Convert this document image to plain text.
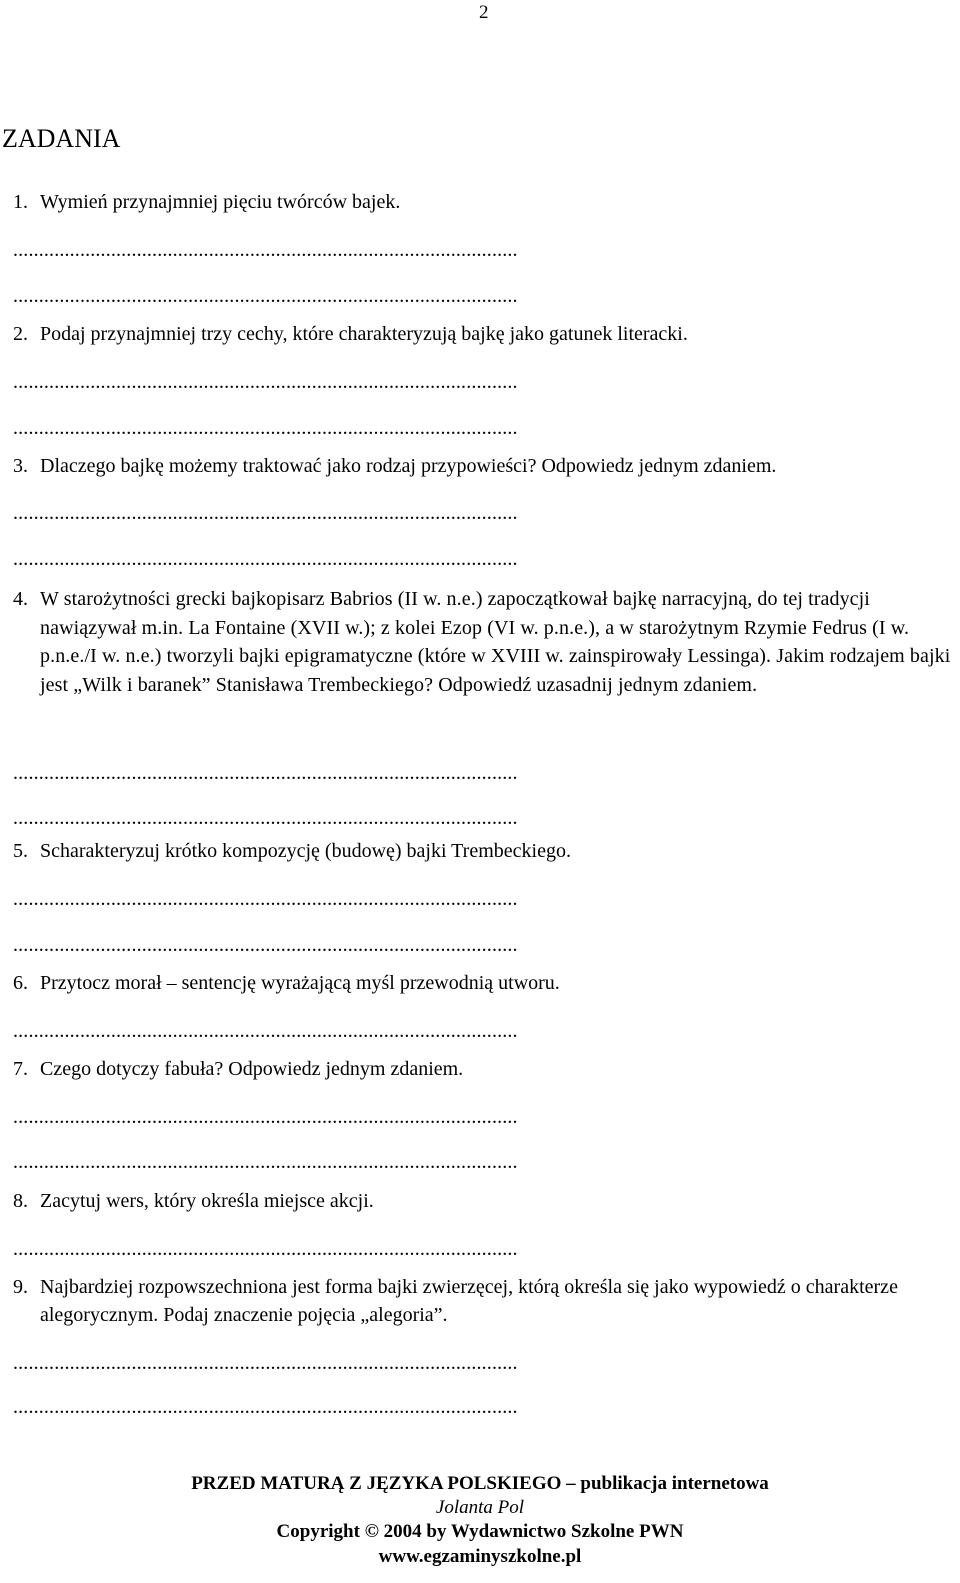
2
ZADANIA
1. Wymień przynajmniej pięciu twórców bajek.
..................................................................................................
..................................................................................................
2. Podaj przynajmniej trzy cechy, które charakteryzują bajkę jako gatunek literacki.
..................................................................................................
..................................................................................................
3. Dlaczego bajkę możemy traktować jako rodzaj przypowieści? Odpowiedz jednym zdaniem.
..................................................................................................
..................................................................................................
4. W starożytności grecki bajkopisarz Babrios (II w. n.e.) zapoczątkował bajkę narracyjną, do tej tradycji nawiązywał m.in. La Fontaine (XVII w.); z kolei Ezop (VI w. p.n.e.), a w starożytnym Rzymie Fedrus (I w. p.n.e./I w. n.e.) tworzyli bajki epigramatyczne (które w XVIII w. zainspirowały Lessinga). Jakim rodzajem bajki jest „Wilk i baranek” Stanisława Trembeckiego? Odpowiedź uzasadnij jednym zdaniem.
..................................................................................................
..................................................................................................
5. Scharakteryzuj krótko kompozycję (budowę) bajki Trembeckiego.
..................................................................................................
..................................................................................................
6. Przytocz morał – sentencję wyrażającą myśl przewodnią utworu.
..................................................................................................
7. Czego dotyczy fabuła? Odpowiedz jednym zdaniem.
..................................................................................................
..................................................................................................
8. Zacytuj wers, który określa miejsce akcji.
..................................................................................................
9. Najbardziej rozpowszechniona jest forma bajki zwierzęcej, którą określa się jako wypowiedź o charakterze alegorycznym. Podaj znaczenie pojęcia „alegoria”.
..................................................................................................
..................................................................................................
PRZED MATURĄ Z JĘZYKA POLSKIEGO – publikacja internetowa
Jolanta Pol
Copyright © 2004 by Wydawnictwo Szkolne PWN
www.egzaminyszkolne.pl
